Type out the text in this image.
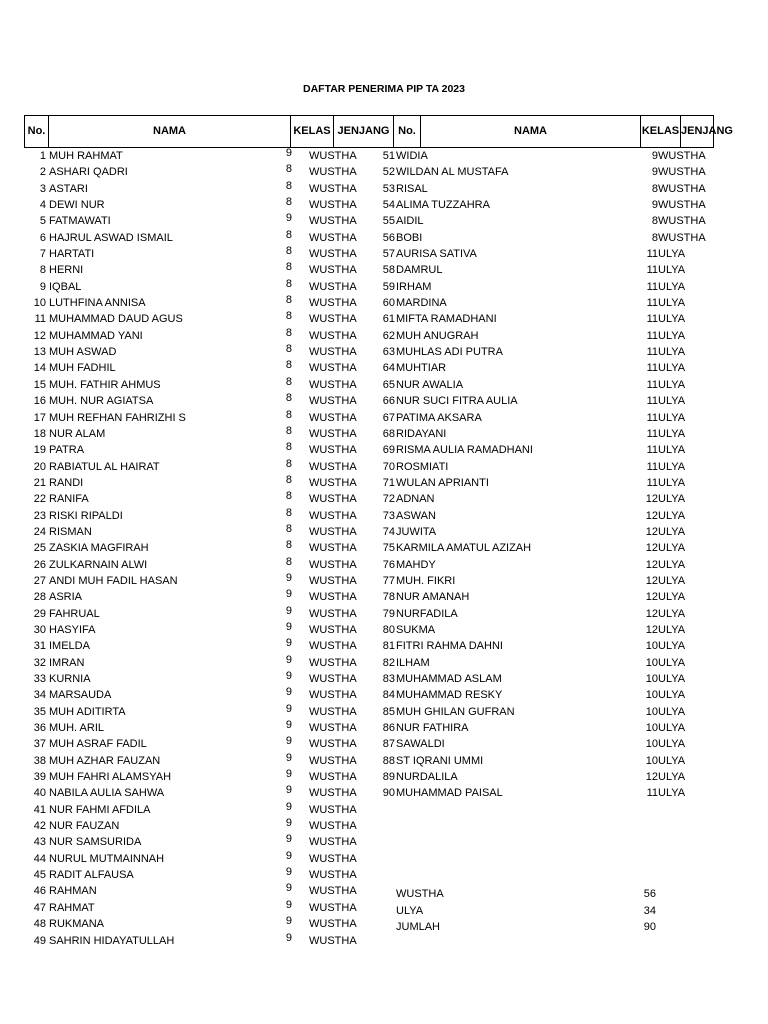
DAFTAR PENERIMA PIP TA 2023
No.	NAMA	KELAS JENJANG No.	NAMA	KELAS JENJANG
1 MUH RAHMAT	9 WUSTHA
2 ASHARI QADRI	8 WUSTHA
3 ASTARI	8 WUSTHA
4 DEWI NUR	8 WUSTHA
5 FATMAWATI	9 WUSTHA
6 HAJRUL ASWAD ISMAIL	8 WUSTHA
7 HARTATI	8 WUSTHA
8 HERNI	8 WUSTHA
9 IQBAL	8 WUSTHA
10 LUTHFINA ANNISA	8 WUSTHA
11 MUHAMMAD DAUD AGUS	8 WUSTHA
12 MUHAMMAD YANI	8 WUSTHA
13 MUH ASWAD	8 WUSTHA
14 MUH FADHIL	8 WUSTHA
15 MUH. FATHIR AHMUS	8 WUSTHA
16 MUH. NUR AGIATSA	8 WUSTHA
17 MUH REFHAN FAHRIZHI S	8 WUSTHA
18 NUR ALAM	8 WUSTHA
19 PATRA	8 WUSTHA
20 RABIATUL AL HAIRAT	8 WUSTHA
21 RANDI	8 WUSTHA
22 RANIFA	8 WUSTHA
23 RISKI RIPALDI	8 WUSTHA
24 RISMAN	8 WUSTHA
25 ZASKIA MAGFIRAH	8 WUSTHA
26 ZULKARNAIN ALWI	8 WUSTHA
27 ANDI MUH FADIL HASAN	9 WUSTHA
28 ASRIA	9 WUSTHA
29 FAHRUAL	9 WUSTHA
30 HASYIFA	9 WUSTHA
31 IMELDA	9 WUSTHA
32 IMRAN	9 WUSTHA
33 KURNIA	9 WUSTHA
34 MARSAUDA	9 WUSTHA
35 MUH ADITIRTA	9 WUSTHA
36 MUH. ARIL	9 WUSTHA
37 MUH ASRAF FADIL	9 WUSTHA
38 MUH AZHAR FAUZAN	9 WUSTHA
39 MUH FAHRI ALAMSYAH	9 WUSTHA
40 NABILA AULIA SAHWA	9 WUSTHA
41 NUR FAHMI AFDILA	9 WUSTHA
42 NUR FAUZAN	9 WUSTHA
43 NUR SAMSURIDA	9 WUSTHA
44 NURUL MUTMAINNAH	9 WUSTHA
45 RADIT ALFAUSA	9 WUSTHA
46 RAHMAN	9 WUSTHA
47 RAHMAT	9 WUSTHA
48 RUKMANA	9 WUSTHA
49 SAHRIN HIDAYATULLAH	9 WUSTHA
51 WIDIA	9 WUSTHA
52 WILDAN AL MUSTAFA	9 WUSTHA
53 RISAL	8 WUSTHA
54 ALIMA TUZZAHRA	9 WUSTHA
55 AIDIL	8 WUSTHA
56 BOBI	8 WUSTHA
57 AURISA SATIVA	11 ULYA
58 DAMRUL	11 ULYA
59 IRHAM	11 ULYA
60 MARDINA	11 ULYA
61 MIFTA RAMADHANI	11 ULYA
62 MUH ANUGRAH	11 ULYA
63 MUHLAS ADI PUTRA	11 ULYA
64 MUHTIAR	11 ULYA
65 NUR AWALIA	11 ULYA
66 NUR SUCI FITRA AULIA	11 ULYA
67 PATIMA AKSARA	11 ULYA
68 RIDAYANI	11 ULYA
69 RISMA AULIA RAMADHANI	11 ULYA
70 ROSMIATI	11 ULYA
71 WULAN APRIANTI	11 ULYA
72 ADNAN	12 ULYA
73 ASWAN	12 ULYA
74 JUWITA	12 ULYA
75 KARMILA AMATUL AZIZAH	12 ULYA
76 MAHDY	12 ULYA
77 MUH. FIKRI	12 ULYA
78 NUR AMANAH	12 ULYA
79 NURFADILA	12 ULYA
80 SUKMA	12 ULYA
81 FITRI RAHMA DAHNI	10 ULYA
82 ILHAM	10 ULYA
83 MUHAMMAD ASLAM	10 ULYA
84 MUHAMMAD RESKY	10 ULYA
85 MUH GHILAN GUFRAN	10 ULYA
86 NUR FATHIRA	10 ULYA
87 SAWALDI	10 ULYA
88 ST IQRANI UMMI	10 ULYA
89 NURDALILA	12 ULYA
90 MUHAMMAD PAISAL	11 ULYA
WUSTHA	56
ULYA	34
JUMLAH	90
